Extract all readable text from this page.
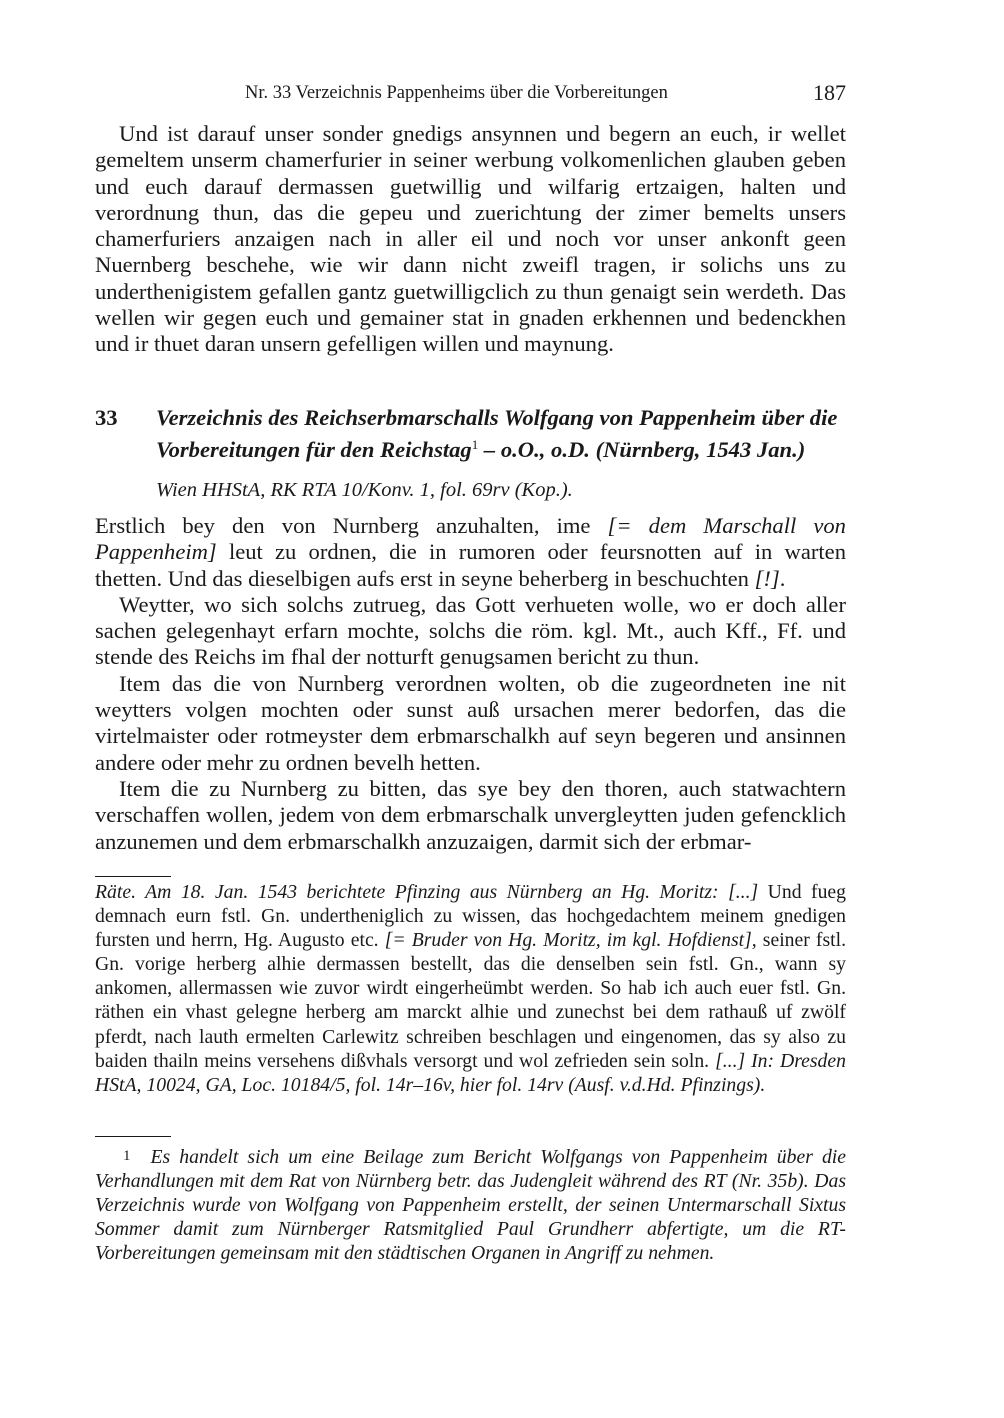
Nr. 33 Verzeichnis Pappenheims über die Vorbereitungen	187

Und ist darauf unser sonder gnedigs ansynnen und begern an euch, ir wellet gemeltem unserm chamerfurier in seiner werbung volkomenlichen glauben geben und euch darauf dermassen guetwillig und wilfarig ertzaigen, halten und verordnung thun, das die gepeu und zuerichtung der zimer bemelts unsers chamerfuriers anzaigen nach in aller eil und noch vor unser ankonft geen Nuernberg beschehe, wie wir dann nicht zweifl tragen, ir solichs uns zu underthenigistem gefallen gantz guetwilligclich zu thun genaigt sein werdeth. Das wellen wir gegen euch und gemainer stat in gnaden erkhennen und bedenckhen und ir thuet daran unsern gefelligen willen und maynung.

33 Verzeichnis des Reichserbmarschalls Wolfgang von Pappenheim über die Vorbereitungen für den Reichstag$^1$ – o.O., o.D. (Nürnberg, 1543 Jan.)
Wien HHStA, RK RTA 10/Konv. 1, fol. 69rv (Kop.).

Erstlich bey den von Nurnberg anzuhalten, ime [= dem Marschall von Pappenheim] leut zu ordnen, die in rumoren oder feursnotten auf in warten thetten. Und das dieselbigen aufs erst in seyne beherberg in beschuchten [!].

Weytter, wo sich solchs zutrueg, das Gott verhueten wolle, wo er doch aller sachen gelegenhayt erfarn mochte, solchs die röm. kgl. Mt., auch Kff., Ff. und stende des Reichs im fhal der notturft genugsamen bericht zu thun.

Item das die von Nurnberg verordnen wolten, ob die zugeordneten ine nit weytters volgen mochten oder sunst auß ursachen merer bedorfen, das die virtelmaister oder rotmeyster dem erbmarschalkh auf seyn begeren und ansinnen andere oder mehr zu ordnen bevelh hetten.

Item die zu Nurnberg zu bitten, das sye bey den thoren, auch statwachtern verschaffen wollen, jedem von dem erbmarschalk unvergleytten juden gefencklich anzunemen und dem erbmarschalkh anzuzaigen, darmit sich der erbmar-

Räte. Am 18. Jan. 1543 berichtete Pfinzing aus Nürnberg an Hg. Moritz: [...] Und fueg demnach eurn fstl. Gn. undertheniglich zu wissen, das hochgedachtem meinem gnedigen fursten und herrn, Hg. Augusto etc. [= Bruder von Hg. Moritz, im kgl. Hofdienst], seiner fstl. Gn. vorige herberg alhie dermassen bestellt, das die denselben sein fstl. Gn., wann sy ankomen, allermassen wie zuvor wirdt eingerheümbt werden. So hab ich auch euer fstl. Gn. räthen ein vhast gelegne herberg am marckt alhie und zunechst bei dem rathauß uf zwölf pferdt, nach lauth ermelten Carlewitz schreiben beschlagen und eingenomen, das sy also zu baiden thailn meins versehens dißvhals versorgt und wol zefrieden sein soln. [...] In: Dresden HStA, 10024, GA, Loc. 10184/5, fol. 14r–16v, hier fol. 14rv (Ausf. v.d.Hd. Pfinzings).

1 Es handelt sich um eine Beilage zum Bericht Wolfgangs von Pappenheim über die Verhandlungen mit dem Rat von Nürnberg betr. das Judengleit während des RT (Nr. 35b). Das Verzeichnis wurde von Wolfgang von Pappenheim erstellt, der seinen Untermarschall Sixtus Sommer damit zum Nürnberger Ratsmitglied Paul Grundherr abfertigte, um die RT-Vorbereitungen gemeinsam mit den städtischen Organen in Angriff zu nehmen.
